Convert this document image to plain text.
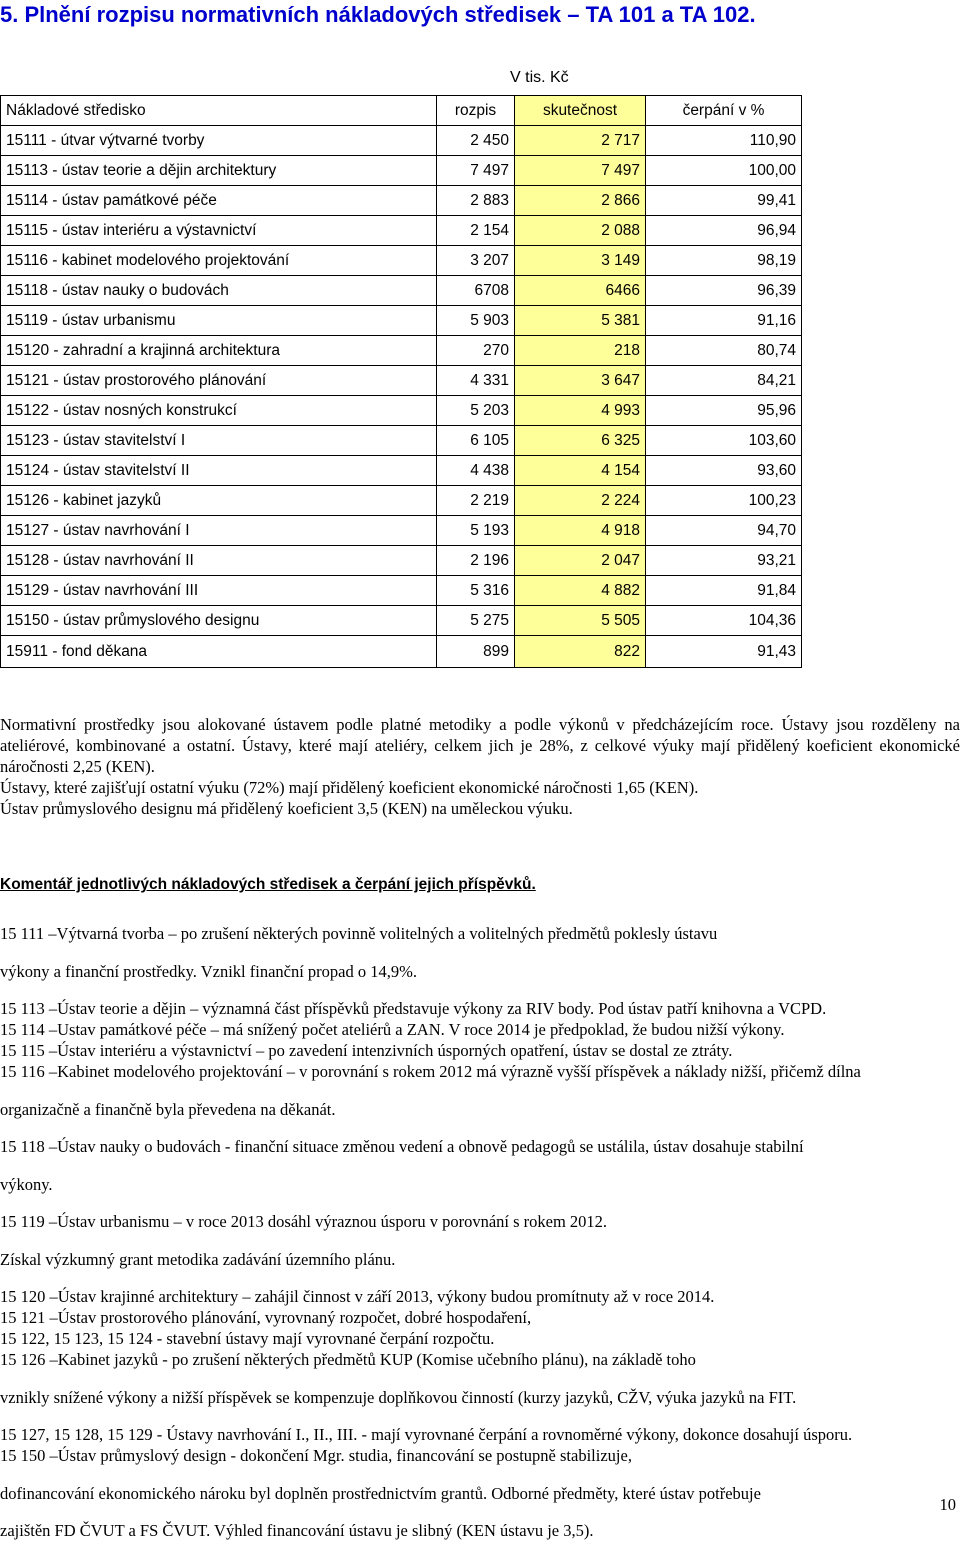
5. Plnění rozpisu normativních nákladových středisek – TA 101 a TA 102.
V tis. Kč
Nákladové středisko	rozpis	skutečnost	čerpání v %
15111 - útvar výtvarné tvorby	2 450	2 717	110,90
15113 - ústav teorie a dějin architektury	7 497	7 497	100,00
15114 - ústav památkové péče	2 883	2 866	99,41
15115 - ústav interiéru a výstavnictví	2 154	2 088	96,94
15116 - kabinet modelového projektování	3 207	3 149	98,19
15118 - ústav nauky o budovách	6708	6466	96,39
15119 - ústav urbanismu	5 903	5 381	91,16
15120 - zahradní a krajinná architektura	270	218	80,74
15121 - ústav prostorového plánování	4 331	3 647	84,21
15122 - ústav nosných konstrukcí	5 203	4 993	95,96
15123 - ústav stavitelství I	6 105	6 325	103,60
15124 - ústav stavitelství II	4 438	4 154	93,60
15126 - kabinet jazyků	2 219	2 224	100,23
15127 - ústav navrhování I	5 193	4 918	94,70
15128 - ústav navrhování II	2 196	2 047	93,21
15129 - ústav navrhování III	5 316	4 882	91,84
15150 - ústav průmyslového designu	5 275	5 505	104,36
15911 - fond děkana	899	822	91,43

Normativní prostředky jsou alokované ústavem podle platné metodiky a podle výkonů v předcházejícím roce. Ústavy jsou rozděleny na ateliérové, kombinované a ostatní. Ústavy, které mají ateliéry, celkem jich je 28%, z celkové výuky mají přidělený koeficient ekonomické náročnosti 2,25 (KEN).

Ústavy, které zajišťují ostatní výuku (72%) mají přidělený koeficient ekonomické náročnosti 1,65 (KEN).

Ústav průmyslového designu má přidělený koeficient 3,5 (KEN) na uměleckou výuku.

Komentář jednotlivých nákladových středisek a čerpání jejich příspěvků.
15 111 – Výtvarná tvorba – po zrušení některých povinně volitelných a volitelných předmětů poklesly ústavu

výkony a finanční prostředky. Vznikl finanční propad o 14,9%.

15 113 – Ústav teorie a dějin – významná část příspěvků představuje výkony za RIV body. Pod ústav patří knihovna a VCPD.
15 114 – Ustav památkové péče – má snížený počet ateliérů a ZAN. V roce 2014 je předpoklad, že budou nižší výkony.
15 115 – Ústav interiéru a výstavnictví – po zavedení intenzivních úsporných opatření, ústav se dostal ze ztráty.
15 116 – Kabinet modelového projektování – v porovnání s rokem 2012 má výrazně vyšší příspěvek a náklady nižší, přičemž dílna

organizačně a finančně byla převedena na děkanát.

15 118 – Ústav nauky o budovách - finanční situace změnou vedení a obnově pedagogů se ustálila, ústav dosahuje stabilní

výkony.

15 119 – Ústav urbanismu – v roce 2013 dosáhl výraznou úsporu v porovnání s rokem 2012.

Získal výzkumný grant metodika zadávání územního plánu.

15 120 – Ústav krajinné architektury – zahájil činnost v září 2013, výkony budou promítnuty až v roce 2014.
15 121 – Ústav prostorového plánování, vyrovnaný rozpočet, dobré hospodaření,

15 122, 15 123, 15 124 - stavební ústavy mají vyrovnané čerpání rozpočtu.

15 126 – Kabinet jazyků - po zrušení některých předmětů KUP (Komise učebního plánu), na základě toho

vznikly snížené výkony a nižší příspěvek se kompenzuje doplňkovou činností (kurzy jazyků, CŽV, výuka jazyků na FIT.

15 127, 15 128, 15 129 - Ústavy navrhování I., II., III. - mají vyrovnané čerpání a rovnoměrné výkony, dokonce dosahují úsporu.

15 150 – Ústav průmyslový design - dokončení Mgr. studia, financování se postupně stabilizuje,

dofinancování ekonomického nároku byl doplněn prostřednictvím grantů. Odborné předměty, které ústav potřebuje

zajištěn FD ČVUT a FS ČVUT. Výhled financování ústavu je slibný (KEN ústavu je 3,5).

10
